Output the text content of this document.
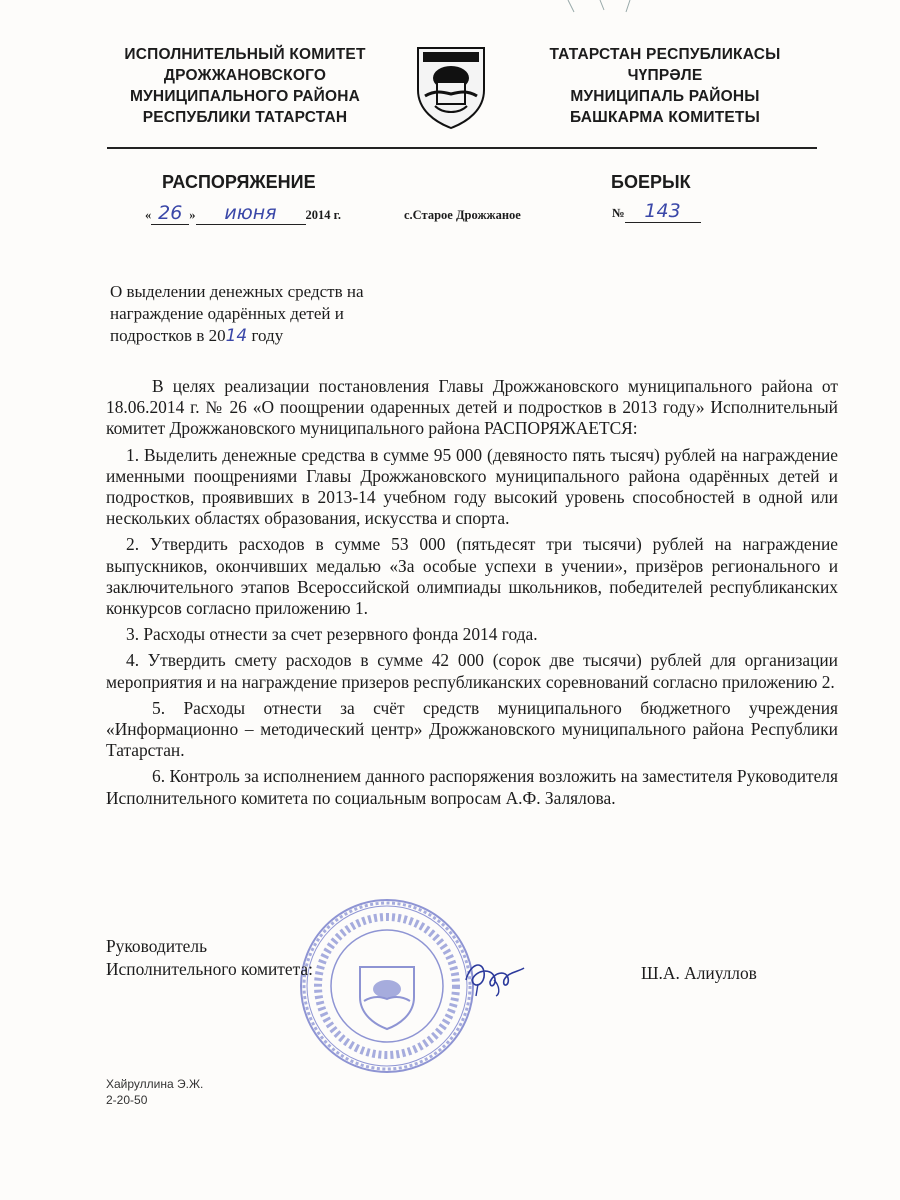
ИСПОЛНИТЕЛЬНЫЙ КОМИТЕТ
ДРОЖЖАНОВСКОГО
МУНИЦИПАЛЬНОГО РАЙОНА
РЕСПУБЛИКИ ТАТАРСТАН
ТАТАРСТАН РЕСПУБЛИКАСЫ
ЧҮПРӘЛЕ
МУНИЦИПАЛЬ РАЙОНЫ
БАШКАРМА КОМИТЕТЫ
РАСПОРЯЖЕНИЕ	БОЕРЫК
« 26 » июня 2014 г.	с.Старое Дрожжаное	№ 143
О выделении денежных средств на
награждение одарённых детей и
подростков в 2014 году

В целях реализации постановления Главы Дрожжановского муниципального района от 18.06.2014 г. № 26 «О поощрении одаренных детей и подростков в 2013 году» Исполнительный комитет Дрожжановского муниципального района РАСПОРЯЖАЕТСЯ:

1. Выделить денежные средства в сумме 95 000 (девяносто пять тысяч) рублей на награждение именными поощрениями Главы Дрожжановского муниципального района одарённых детей и подростков, проявивших в 2013-14 учебном году высокий уровень способностей в одной или нескольких областях образования, искусства и спорта.

2. Утвердить расходов в сумме 53 000 (пятьдесят три тысячи) рублей на награждение выпускников, окончивших медалью «За особые успехи в учении», призёров регионального и заключительного этапов Всероссийской олимпиады школьников, победителей республиканских конкурсов согласно приложению 1.

3. Расходы отнести за счет резервного фонда 2014 года.

4. Утвердить смету расходов в сумме 42 000 (сорок две тысячи) рублей для организации мероприятия и на награждение призеров республиканских соревнований согласно приложению 2.

5. Расходы отнести за счёт средств муниципального бюджетного учреждения «Информационно – методический центр» Дрожжановского муниципального района Республики Татарстан.

6. Контроль за исполнением данного распоряжения возложить на заместителя Руководителя Исполнительного комитета по социальным вопросам А.Ф. Залялова.

Руководитель
Исполнительного комитета:	Ш.А. Алиуллов
Хайруллина Э.Ж.
2-20-50
